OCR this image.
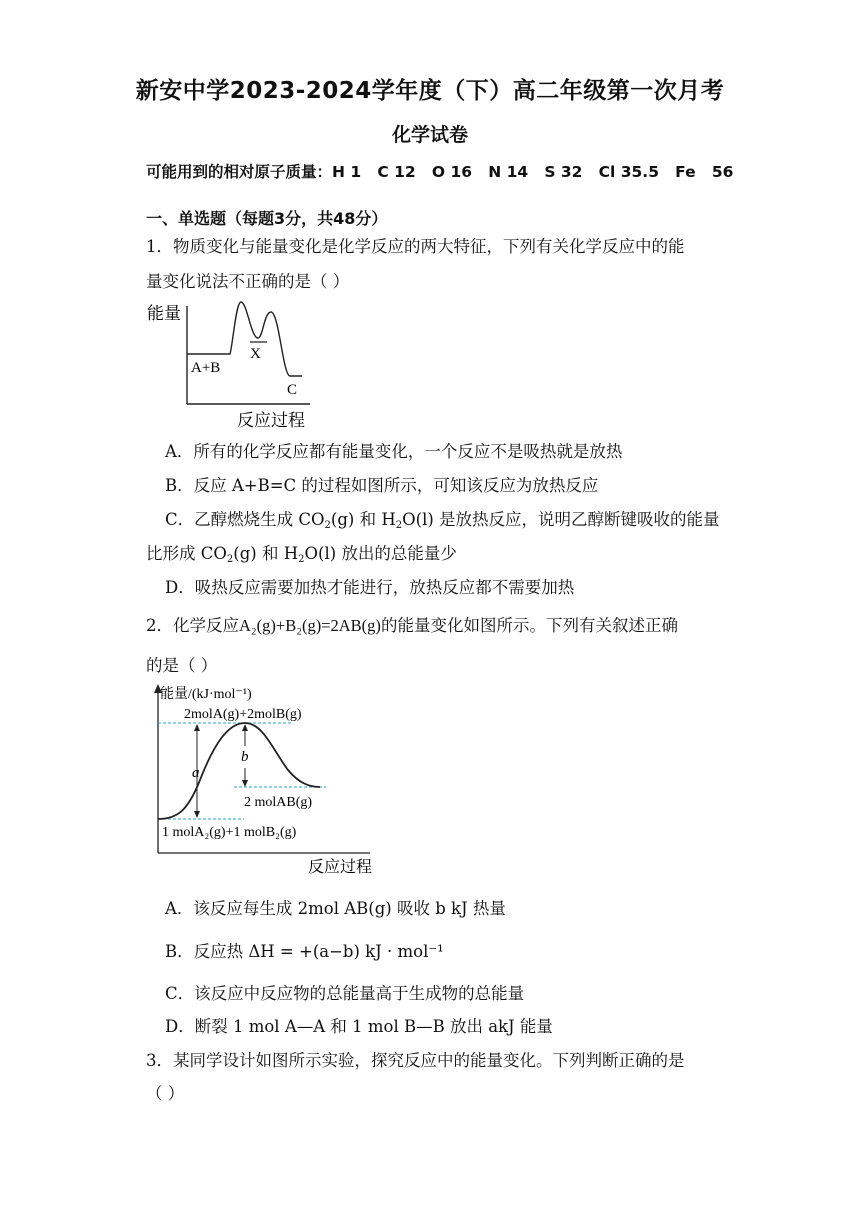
新安中学2023-2024学年度（下）高二年级第一次月考
化学试卷
可能用到的相对原子质量：H 1   C 12   O 16   N 14   S 32   Cl 35.5   Fe   56
一、单选题（每题3分，共48分）
1．物质变化与能量变化是化学反应的两大特征，下列有关化学反应中的能
量变化说法不正确的是（ ）
能量
A+B
X
C
反应过程
A．所有的化学反应都有能量变化，一个反应不是吸热就是放热
B．反应 A+B=C 的过程如图所示，可知该反应为放热反应
C．乙醇燃烧生成 $CO_2(g)$ 和 $H_2O(l)$ 是放热反应，说明乙醇断键吸收的能量
比形成 $CO_2(g)$ 和 $H_2O(l)$ 放出的总能量少
D．吸热反应需要加热才能进行，放热反应都不需要加热
2．化学反应A₂(g)+B₂(g)=2AB(g)的能量变化如图所示。下列有关叙述正确
的是（ ）
能量/(kJ·mol⁻¹)
2molA(g)+2molB(g)
a
b
2 molAB(g)
1 molA₂(g)+1 molB₂(g)
反应过程
A．该反应每生成 2mol AB(g) 吸收 b kJ 热量
B．反应热 ΔH = +(a−b) kJ · mol⁻¹
C．该反应中反应物的总能量高于生成物的总能量
D．断裂 1 mol A—A 和 1 mol B—B 放出 akJ 能量
3．某同学设计如图所示实验，探究反应中的能量变化。下列判断正确的是
（ ）
